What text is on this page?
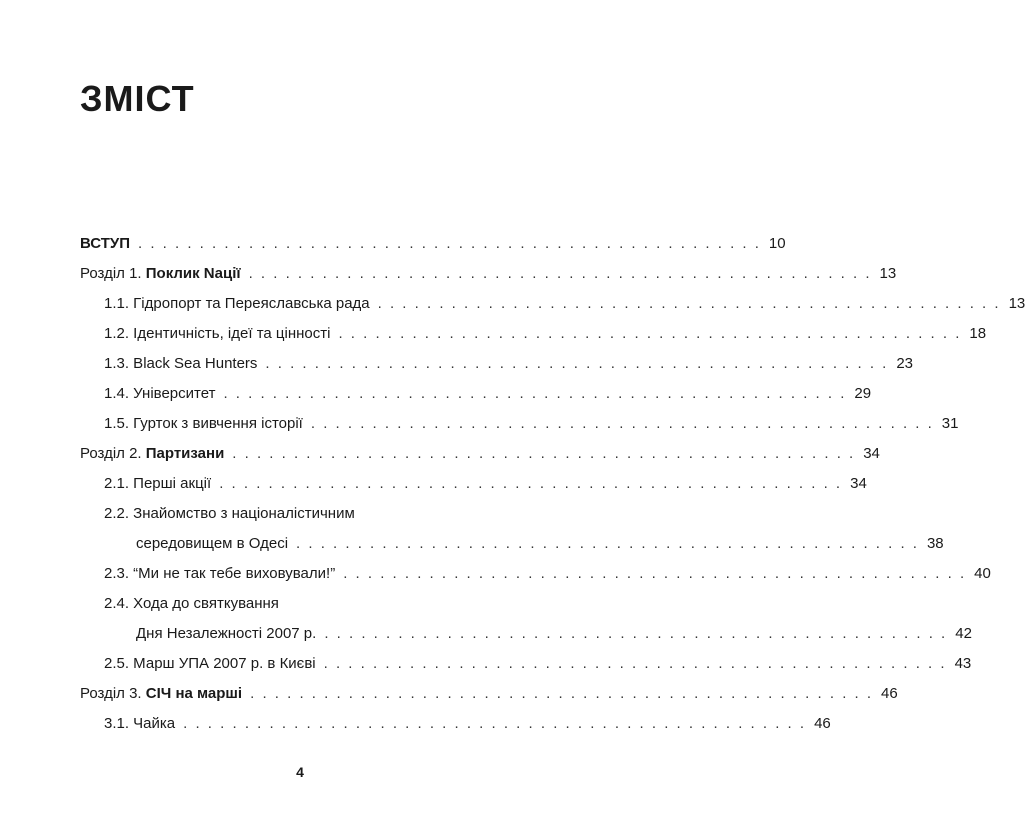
ЗМІСТ
ВСТУП . . . . . . . . . . . . . . . . . . . . . . . . . . . . . . . . . . . . . . . . . . . . . . . . . . . 10
Розділ 1. Поклик Nації . . . . . . . . . . . . . . . . . . . . . . . . . . . . . . . . . . . . . . . . . . . . . . . . . . . 13
1.1. Гідропорт та Переяславська рада . . . . . . . . . . . . . . . . . . . . . . . . . . . . . . . . . . . . . . . . . . . . . . . . . . . 13
1.2. Ідентичність, ідеї та цінності . . . . . . . . . . . . . . . . . . . . . . . . . . . . . . . . . . . . . . . . . . . . . . . . . . . 18
1.3. Black Sea Hunters . . . . . . . . . . . . . . . . . . . . . . . . . . . . . . . . . . . . . . . . . . . . . . . . . . . 23
1.4. Університет . . . . . . . . . . . . . . . . . . . . . . . . . . . . . . . . . . . . . . . . . . . . . . . . . . . 29
1.5. Гурток з вивчення історії . . . . . . . . . . . . . . . . . . . . . . . . . . . . . . . . . . . . . . . . . . . . . . . . . . . 31
Розділ 2. Партизани . . . . . . . . . . . . . . . . . . . . . . . . . . . . . . . . . . . . . . . . . . . . . . . . . . . 34
2.1. Перші акції . . . . . . . . . . . . . . . . . . . . . . . . . . . . . . . . . . . . . . . . . . . . . . . . . . . 34
2.2. Знайомство з націоналістичним
середовищем в Одесі . . . . . . . . . . . . . . . . . . . . . . . . . . . . . . . . . . . . . . . . . . . . . . . . . . . 38
2.3. “Ми не так тебе виховували!” . . . . . . . . . . . . . . . . . . . . . . . . . . . . . . . . . . . . . . . . . . . . . . . . . . . 40
2.4. Хода до святкування
Дня Незалежності 2007 р. . . . . . . . . . . . . . . . . . . . . . . . . . . . . . . . . . . . . . . . . . . . . . . . . . . . 42
2.5. Марш УПА 2007 р. в Києві . . . . . . . . . . . . . . . . . . . . . . . . . . . . . . . . . . . . . . . . . . . . . . . . . . . 43
Розділ 3. СІЧ на марші . . . . . . . . . . . . . . . . . . . . . . . . . . . . . . . . . . . . . . . . . . . . . . . . . . . 46
3.1. Чайка . . . . . . . . . . . . . . . . . . . . . . . . . . . . . . . . . . . . . . . . . . . . . . . . . . . 46
4
